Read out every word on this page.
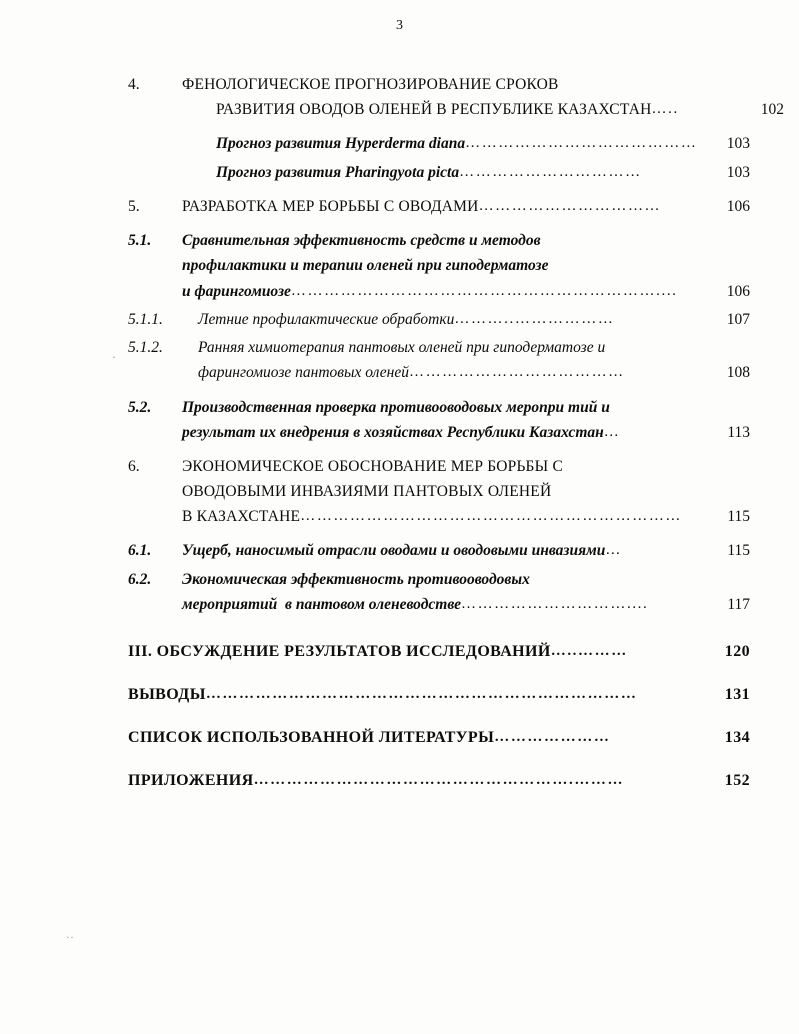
3
·
··
4.	ФЕНОЛОГИЧЕСКОЕ ПРОГНОЗИРОВАНИЕ СРОКОВ
РАЗВИТИЯ ОВОДОВ ОЛЕНЕЙ В РЕСПУБЛИКЕ КАЗАХСТАН …..	102
Прогноз развития Hyperderma diana ……………………………………	103
Прогноз развития Pharingyota picta ……………………………	103
5.	РАЗРАБОТКА МЕР БОРЬБЫ С ОВОДАМИ ……………………………	106
5.1.	Сравнительная эффективность средств и методов
профилактики и терапии оленей при гиподерматозе
и фарингомиозе …………………………………………………………....	106
5.1.1.	Летние профилактические обработки ………..………………	107
5.1.2.	Ранняя химиотерапия пантовых оленей при гиподерматозе и
фарингомиозе пантовых оленей …………………………………	108
5.2.	Производственная проверка противооводовых меропри тий и
результат их внедрения в хозяйствах Республики Казахстан …	113
6.	ЭКОНОМИЧЕСКОЕ ОБОСНОВАНИЕ МЕР БОРЬБЫ С
ОВОДОВЫМИ ИНВАЗИЯМИ ПАНТОВЫХ ОЛЕНЕЙ
В КАЗАХСТАНЕ ……………………………………………………………	115
6.1.	Ущерб, наносимый отрасли оводами и оводовыми инвазиями …	115
6.2.	Экономическая эффективность противооводовых
мероприятий  в пантовом оленеводстве …………………………....	117
III. ОБСУЖДЕНИЕ РЕЗУЛЬТАТОВ ИССЛЕДОВАНИЙ …..………	120
ВЫВОДЫ ……………………………………………………………………	131
СПИСОК ИСПОЛЬЗОВАННОЙ ЛИТЕРАТУРЫ …………………	134
ПРИЛОЖЕНИЯ ………………………………………………….………	152
